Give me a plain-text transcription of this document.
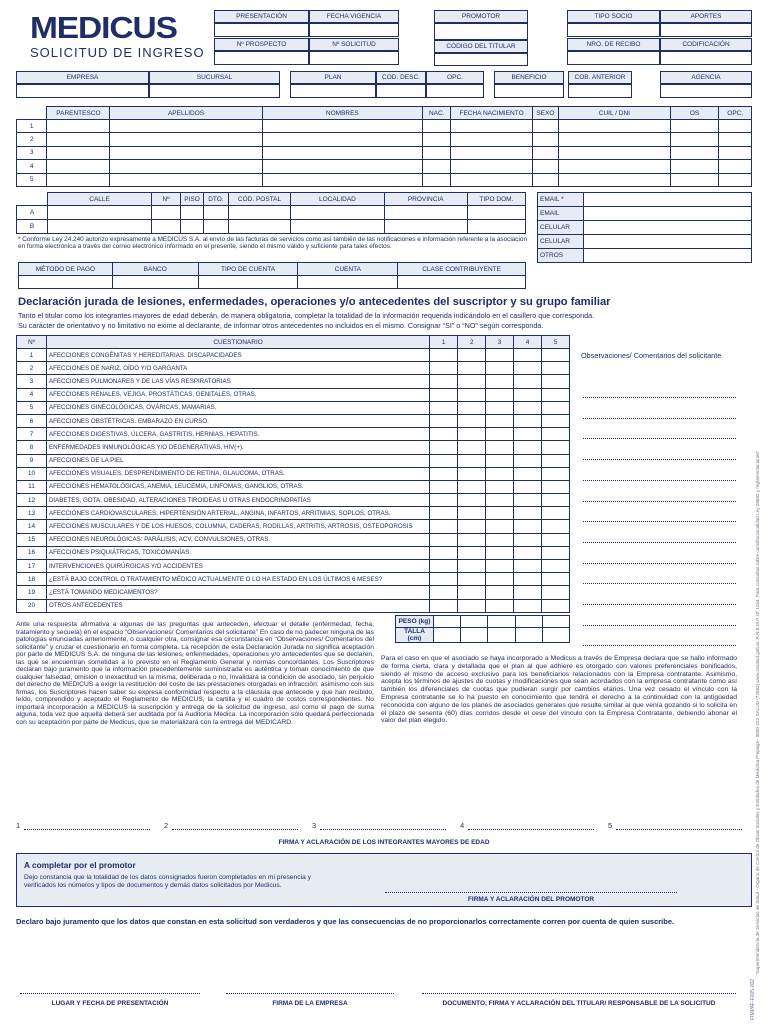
MEDICUS
SOLICITUD DE INGRESO
PRESENTACIÓN	FECHA VIGENCIA
Nº PROSPECTO	Nº SOLICITUD
PROMOTOR
CÓDIGO DEL TITULAR
TIPO SOCIO	APORTES
NRO. DE RECIBO	CODIFICACIÓN
EMPRESA	SUCURSAL	PLAN	COD. DESC.	OPC.	BENEFICIO	COB. ANTERIOR	AGENCIA
	PARENTESCO	APELLIDOS	NOMBRES	NAC.	FECHA NACIMIENTO	SEXO	CUIL / DNI	OS	OPC.
1									
2									
3									
4									
5									
	CALLE	Nº	PISO	DTO.	CÓD. POSTAL	LOCALIDAD	PROVINCIA	TIPO DOM.
A								
B								
EMAIL *	
EMAIL	
CELULAR	
CELULAR	
OTROS	
* Conforme Ley 24.240 autorizo expresamente a MEDICUS S.A. al envío de las facturas de servicios como así también de las notificaciones e información referente a la asociación en forma electrónica a través del correo electrónico informado en el presente, siendo el mismo válido y suficiente para tales efectos.
MÉTODO DE PAGO	BANCO	TIPO DE CUENTA	CUENTA	CLASE CONTRIBUYENTE

Declaración jurada de lesiones, enfermedades, operaciones y/o antecedentes del suscriptor y su grupo familiar
Tanto el titular como los integrantes mayores de edad deberán, de manera obligatoria, completar la totalidad de la información requerida indicándolo en el casillero que corresponda.
Su carácter de orientativo y no limitativo no exime al declarante, de informar otros antecedentes no incluidos en el mismo. Consignar “SI” o “NO” según corresponda.
Nº	CUESTIONARIO	1	2	3	4	5
1	AFECCIONES CONGÉNITAS Y HEREDITARIAS. DISCAPACIDADES					
2	AFECCIONES DE NARIZ, OÍDO Y/O GARGANTA					
3	AFECCIONES PULMONARES Y DE LAS VÍAS RESPIRATORIAS					
4	AFECCIONES RENALES, VEJIGA, PROSTÁTICAS, GENITALES, OTRAS.					
5	AFECCIONES GINECOLÓGICAS, OVÁRICAS, MAMARIAS.					
6	AFECCIONES OBSTÉTRICAS. EMBARAZO EN CURSO.					
7	AFECCIONES DIGESTIVAS, ÚLCERA, GASTRITIS, HERNIAS, HEPATITIS.					
8	ENFERMEDADES INMUNOLÓGICAS Y/O DEGENERATIVAS, HIV(+).					
9	AFECCIONES DE LA PIEL					
10	AFECCIONES VISUALES, DESPRENDIMIENTO DE RETINA, GLAUCOMA, OTRAS.					
11	AFECCIONES HEMATOLÓGICAS, ANEMIA, LEUCEMIA, LINFOMAS, GANGLIOS, OTRAS.					
12	DIABETES, GOTA, OBESIDAD, ALTERACIONES TIROIDEAS U OTRAS ENDOCRINOPATÍAS					
13	AFECCIONES CARDIOVASCULARES, HIPERTENSIÓN ARTERIAL, ANGINA, INFARTOS, ARRITMIAS, SOPLOS, OTRAS.					
14	AFECCIONES MUSCULARES Y DE LOS HUESOS, COLUMNA, CADERAS, RODILLAS, ARTRITIS, ARTROSIS, OSTEOPOROSIS					
15	AFECCIONES NEUROLÓGICAS: PARÁLISIS, ACV, CONVULSIONES, OTRAS.					
16	AFECCIONES PSIQUIÁTRICAS, TOXICOMANÍAS.					
17	INTERVENCIONES QUIRÚRGICAS Y/O ACCIDENTES					
18	¿ESTÁ BAJO CONTROL O TRATAMIENTO MÉDICO ACTUALMENTE O LO HA ESTADO EN LOS ÚLTIMOS 6 MESES?					
19	¿ESTÁ TOMANDO MEDICAMENTOS?					
20	OTROS ANTECEDENTES					
Observaciones/ Comentarios del solicitante
PESO (kg)					
TALLA (cm)					
Ante una respuesta afirmativa a algunas de las preguntas que anteceden, efectuar el detalle (enfermedad, fecha, tratamiento y secuela) en el espacio “Observaciones/ Comentarios del solicitante” En caso de no padecer ninguna de las patologías enunciadas anteriormente, o cualquier otra, consignar esa circunstancia en “Observaciones/ Comentarios del solicitante” y cruzar el cuestionario en forma completa. La recepción de esta Declaración Jurada no significa aceptación por parte de MEDICUS S.A. de ninguna de las lesiones, enfermedades, operaciones y/o antecedentes que se declaren, las que se encuentran sometidas a lo previsto en el Reglamento General y normas concordantes. Los Suscriptores declaran bajo juramento que la información precedentemente suministrada es auténtica y toman conocimiento de que cualquier falsedad, omisión o inexactitud en la misma, deliberada o no, invalidará la condición de asociado, sin perjuicio del derecho de MEDICUS a exigir la restitución del costo de las prestaciones otorgadas en infracción; asimismo con sus firmas, los Suscriptores hacen saber su expresa conformidad respecto a la cláusula que antecede y que han recibido, leído, comprendido y aceptado el Reglamento de MEDICUS, la cartilla y el cuadro de costos correspondientes. No importará incorporación a MEDICUS la suscripción y entrega de la solicitud de ingreso, así como el pago de suma alguna, toda vez que aquella deberá ser auditada por la Auditoría Médica. La incorporación sólo quedará perfeccionada con su aceptación por parte de Medicus, que se materializará con la entrega del MEDICARD.
Para el caso en que el asociado se haya incorporado a Medicus a través de Empresa declara que se hallo informado de forma cierta, clara y detallada que el plan al que adhiere es otorgado con valores preferenciales bonificados, siendo el mismo de acceso exclusivo para los beneficiarios relacionados con la Empresa contratante. Asimismo, acepta los términos de ajustes de cuotas y modificaciones que sean acordados con la empresa contratante como así también los diferenciales de cuotas que pudieran surgir por cambios etarios. Una vez cesado el vínculo con la Empresa contratante se lo ha puesto en conocimiento que tendrá el derecho a la continuidad con la antigüedad reconocida con alguno de los planes de asociados generales que resulte similar al que venía gozando si lo solicita en el plazo de sesenta (60) días corridos desde el cese del vínculo con la Empresa Contratante, debiendo abonar el valor del plan elegido.
1	2	3	4	5
FIRMA Y ACLARACIÓN DE LOS INTEGRANTES MAYORES DE EDAD
A completar por el promotor
Dejo constancia que la totalidad de los datos consignados fueron completados en mi presencia y verificados los números y tipos de documentos y demás datos solicitados por Medicus.
FIRMA Y ACLARACIÓN DEL PROMOTOR
Declaro bajo juramento que los datos que constan en esta solicitud son verdaderos y que las consecuencias de no proporcionarlos correctamente corren por cuenta de quien suscribe.
LUGAR Y FECHA DE PRESENTACIÓN	FIRMA DE LA EMPRESA	DOCUMENTO, FIRMA Y ACLARACIÓN DEL TITULAR/ RESPONSABLE DE LA SOLICITUD
“Superintendencia de Servicios de Salud - Órgano de Control de Obras Sociales y Entidades de Medicina Prepaga - 0800-222-SALUD (72583) www.sssalud.gob.ar. R.N.E.M.P. Nº 1154. Para consultas sobre constitucionalidad Ley 26682 y reglamentaciones”
FIMPAF-F005-002
